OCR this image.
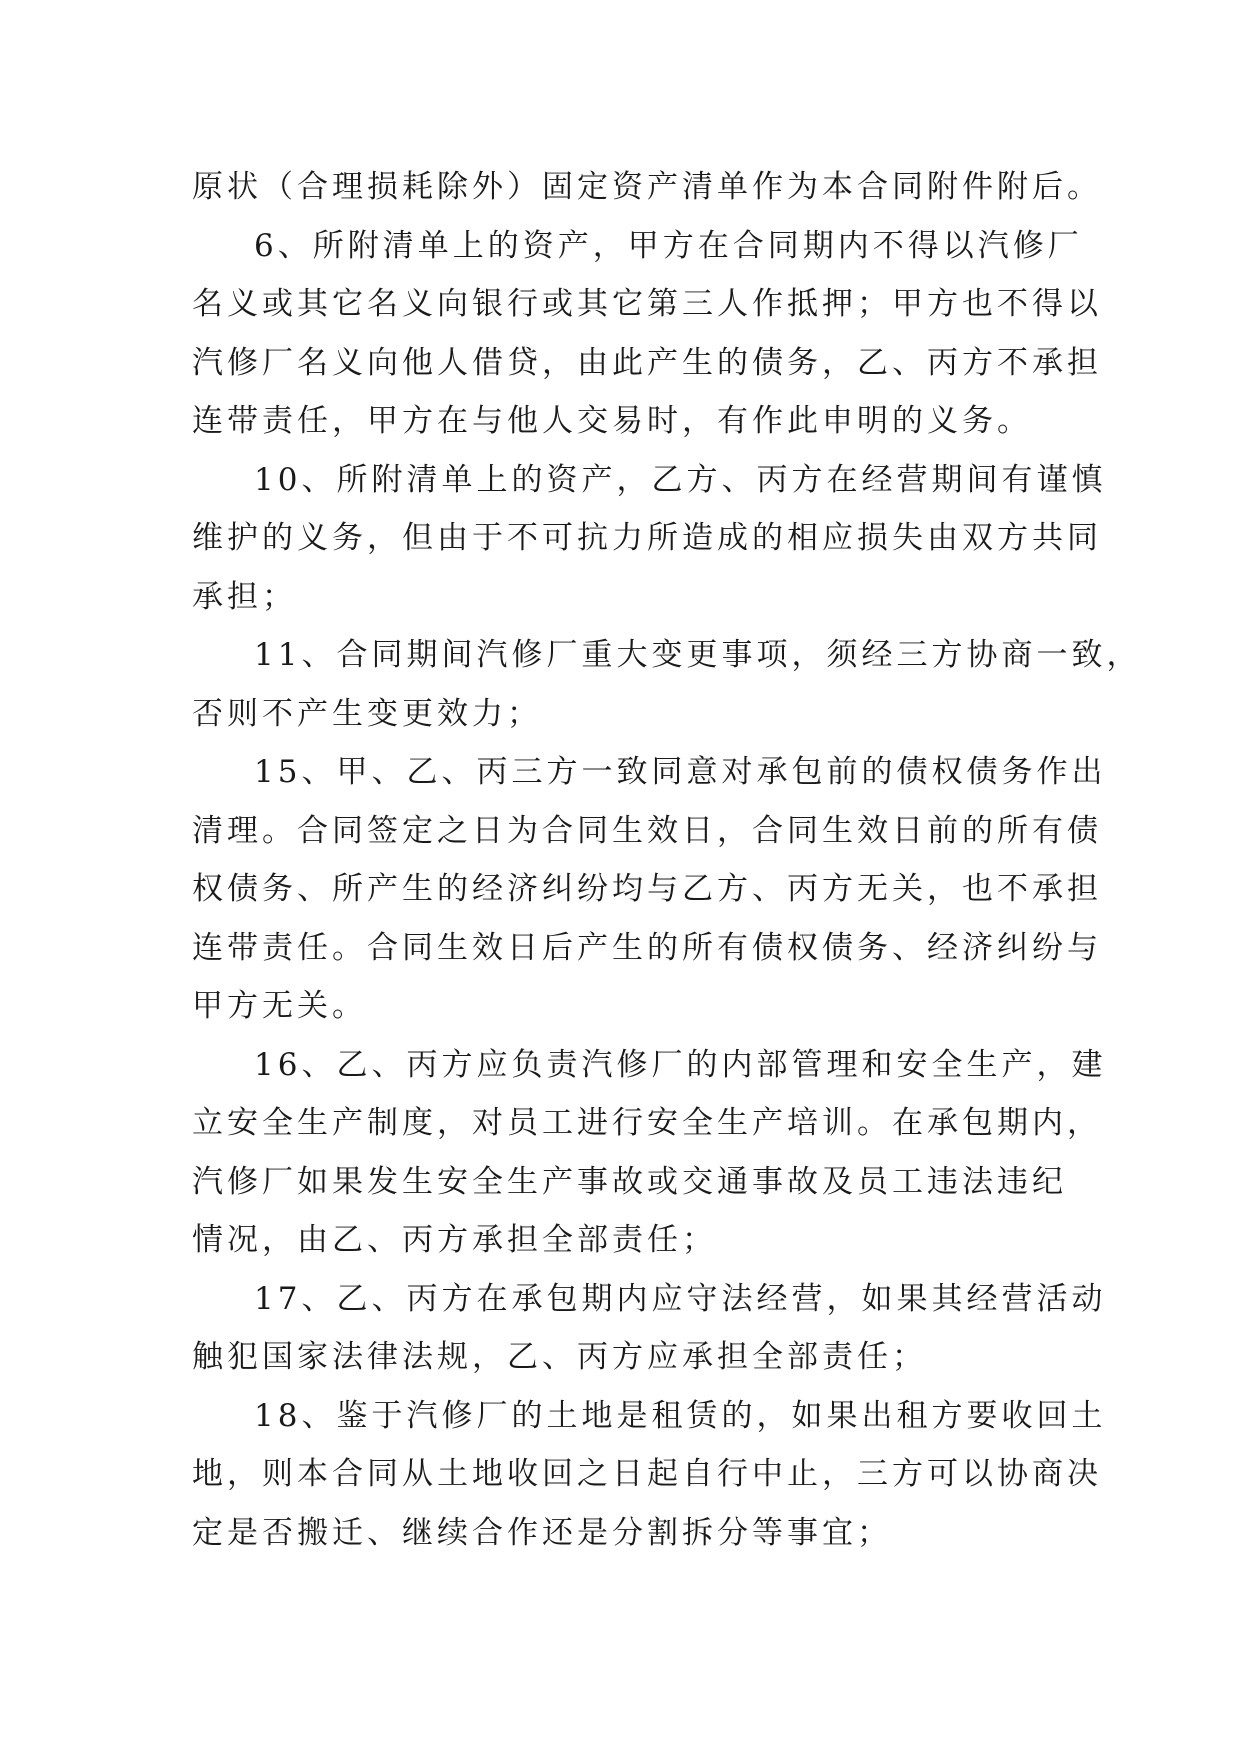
原状（合理损耗除外）固定资产清单作为本合同附件附后。

6、所附清单上的资产，甲方在合同期内不得以汽修厂
名义或其它名义向银行或其它第三人作抵押；甲方也不得以
汽修厂名义向他人借贷，由此产生的债务，乙、丙方不承担
连带责任，甲方在与他人交易时，有作此申明的义务。

10、所附清单上的资产，乙方、丙方在经营期间有谨慎
维护的义务，但由于不可抗力所造成的相应损失由双方共同
承担；

11、合同期间汽修厂重大变更事项，须经三方协商一致，
否则不产生变更效力；

15、甲、乙、丙三方一致同意对承包前的债权债务作出
清理。合同签定之日为合同生效日，合同生效日前的所有债
权债务、所产生的经济纠纷均与乙方、丙方无关，也不承担
连带责任。合同生效日后产生的所有债权债务、经济纠纷与
甲方无关。

16、乙、丙方应负责汽修厂的内部管理和安全生产，建
立安全生产制度，对员工进行安全生产培训。在承包期内，
汽修厂如果发生安全生产事故或交通事故及员工违法违纪
情况，由乙、丙方承担全部责任；

17、乙、丙方在承包期内应守法经营，如果其经营活动
触犯国家法律法规，乙、丙方应承担全部责任；

18、鉴于汽修厂的土地是租赁的，如果出租方要收回土
地，则本合同从土地收回之日起自行中止，三方可以协商决
定是否搬迁、继续合作还是分割拆分等事宜；
